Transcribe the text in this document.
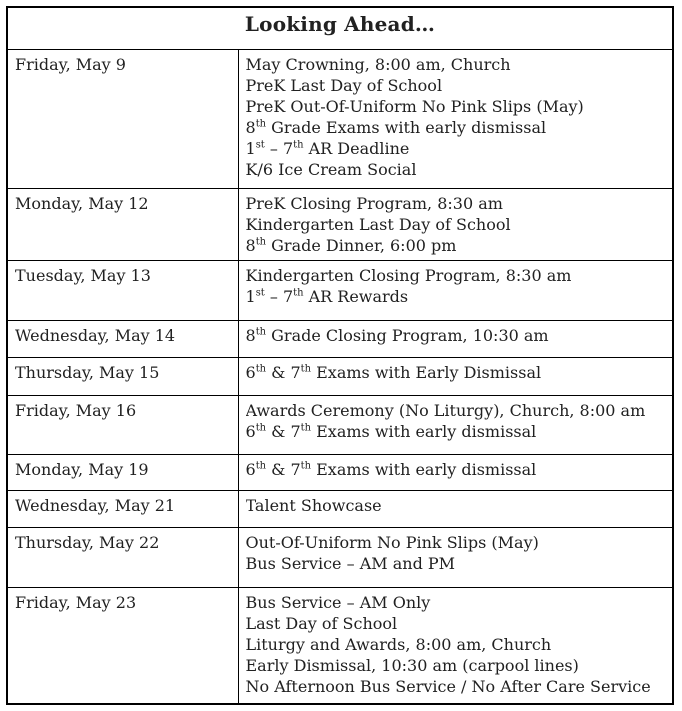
Looking Ahead…	
Friday, May 9	May Crowning, 8:00 am, Church
PreK Last Day of School
PreK Out-Of-Uniform No Pink Slips (May)
8th Grade Exams with early dismissal
1st – 7th AR Deadline
K/6 Ice Cream Social

Monday, May 12	PreK Closing Program, 8:30 am
Kindergarten Last Day of School
8th Grade Dinner, 6:00 pm

Tuesday, May 13	Kindergarten Closing Program, 8:30 am
1st – 7th AR Rewards

Wednesday, May 14	8th Grade Closing Program, 10:30 am

Thursday, May 15	6th & 7th Exams with Early Dismissal

Friday, May 16	Awards Ceremony (No Liturgy), Church, 8:00 am
6th & 7th Exams with early dismissal

Monday, May 19	6th & 7th Exams with early dismissal

Wednesday, May 21	Talent Showcase

Thursday, May 22	Out-Of-Uniform No Pink Slips (May)
Bus Service – AM and PM

Friday, May 23	Bus Service – AM Only
Last Day of School
Liturgy and Awards, 8:00 am, Church
Early Dismissal, 10:30 am (carpool lines)
No Afternoon Bus Service / No After Care Service
